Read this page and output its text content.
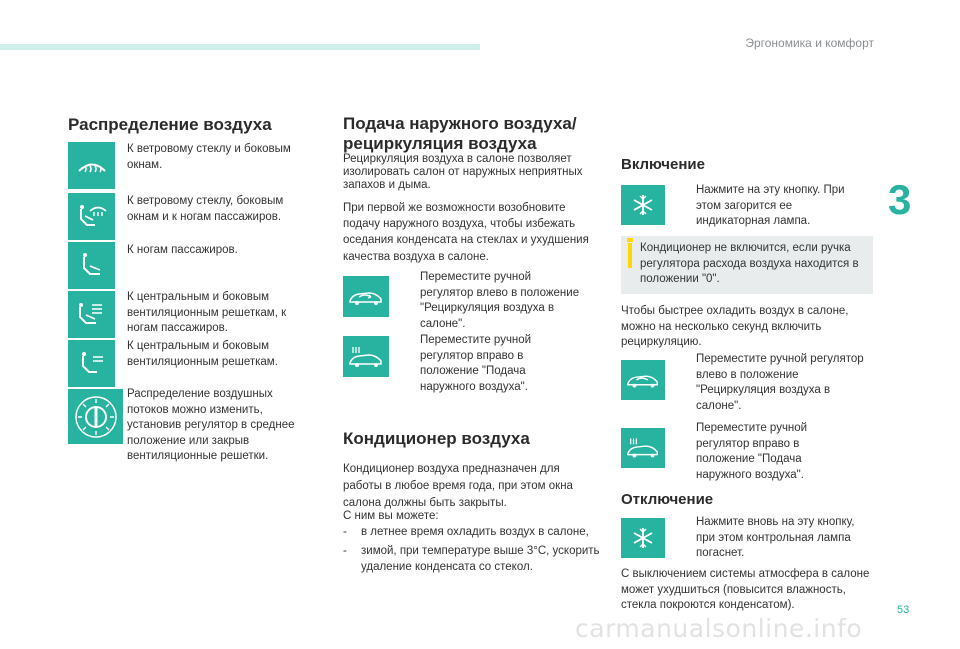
Эргономика и комфорт
3
Распределение воздуха
К ветровому стеклу и боковым окнам.
К ветровому стеклу, боковым окнам и к ногам пассажиров.
К ногам пассажиров.
К центральным и боковым вентиляционным решеткам, к ногам пассажиров.
К центральным и боковым вентиляционным решеткам.
Распределение воздушных потоков можно изменить, установив регулятор в среднее положение или закрыв вентиляционные решетки.
Подача наружного воздуха/
рециркуляция воздуха
Рециркуляция воздуха в салоне позволяет изолировать салон от наружных неприятных запахов и дыма.
При первой же возможности возобновите подачу наружного воздуха, чтобы избежать оседания конденсата на стеклах и ухудшения качества воздуха в салоне.
Переместите ручной регулятор влево в положение "Рециркуляция воздуха в салоне".
Переместите ручной регулятор вправо в положение "Подача наружного воздуха".
Кондиционер воздуха
Кондиционер воздуха предназначен для работы в любое время года, при этом окна салона должны быть закрыты.
С ним вы можете:
-	в летнее время охладить воздух в салоне,
-	зимой, при температуре выше 3°C, ускорить удаление конденсата со стекол.
Включение
Нажмите на эту кнопку. При этом загорится ее индикаторная лампа.
Кондиционер не включится, если ручка регулятора расхода воздуха находится в положении "0".
Чтобы быстрее охладить воздух в салоне, можно на несколько секунд включить рециркуляцию.
Переместите ручной регулятор влево в положение "Рециркуляция воздуха в салоне".
Переместите ручной регулятор вправо в положение "Подача наружного воздуха".
Отключение
Нажмите вновь на эту кнопку, при этом контрольная лампа погаснет.
С выключением системы атмосфера в салоне может ухудшиться (повысится влажность, стекла покроются конденсатом).	53
carmanualsonline.info
